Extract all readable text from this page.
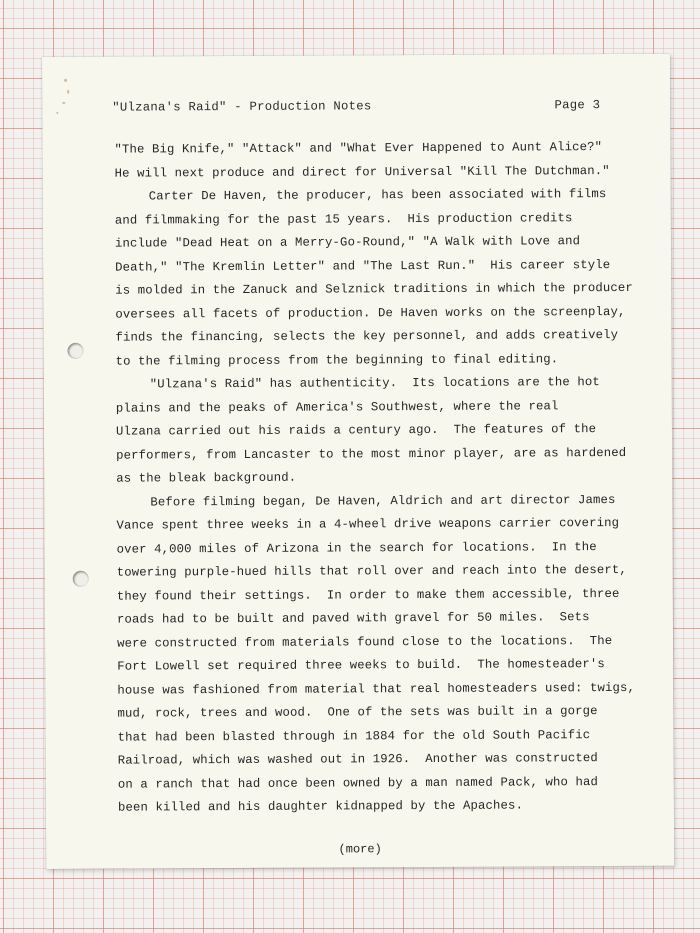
"Ulzana's Raid" - Production Notes	Page 3
"The Big Knife," "Attack" and "What Ever Happened to Aunt Alice?"
He will next produce and direct for Universal "Kill The Dutchman."
Carter De Haven, the producer, has been associated with films
and filmmaking for the past 15 years.  His production credits
include "Dead Heat on a Merry-Go-Round," "A Walk with Love and
Death," "The Kremlin Letter" and "The Last Run."  His career style
is molded in the Zanuck and Selznick traditions in which the producer
oversees all facets of production. De Haven works on the screenplay,
finds the financing, selects the key personnel, and adds creatively
to the filming process from the beginning to final editing.
"Ulzana's Raid" has authenticity.  Its locations are the hot
plains and the peaks of America's Southwest, where the real
Ulzana carried out his raids a century ago.  The features of the
performers, from Lancaster to the most minor player, are as hardened
as the bleak background.
Before filming began, De Haven, Aldrich and art director James
Vance spent three weeks in a 4-wheel drive weapons carrier covering
over 4,000 miles of Arizona in the search for locations.  In the
towering purple-hued hills that roll over and reach into the desert,
they found their settings.  In order to make them accessible, three
roads had to be built and paved with gravel for 50 miles.  Sets
were constructed from materials found close to the locations.  The
Fort Lowell set required three weeks to build.  The homesteader's
house was fashioned from material that real homesteaders used: twigs,
mud, rock, trees and wood.  One of the sets was built in a gorge
that had been blasted through in 1884 for the old South Pacific
Railroad, which was washed out in 1926.  Another was constructed
on a ranch that had once been owned by a man named Pack, who had
been killed and his daughter kidnapped by the Apaches.
(more)
